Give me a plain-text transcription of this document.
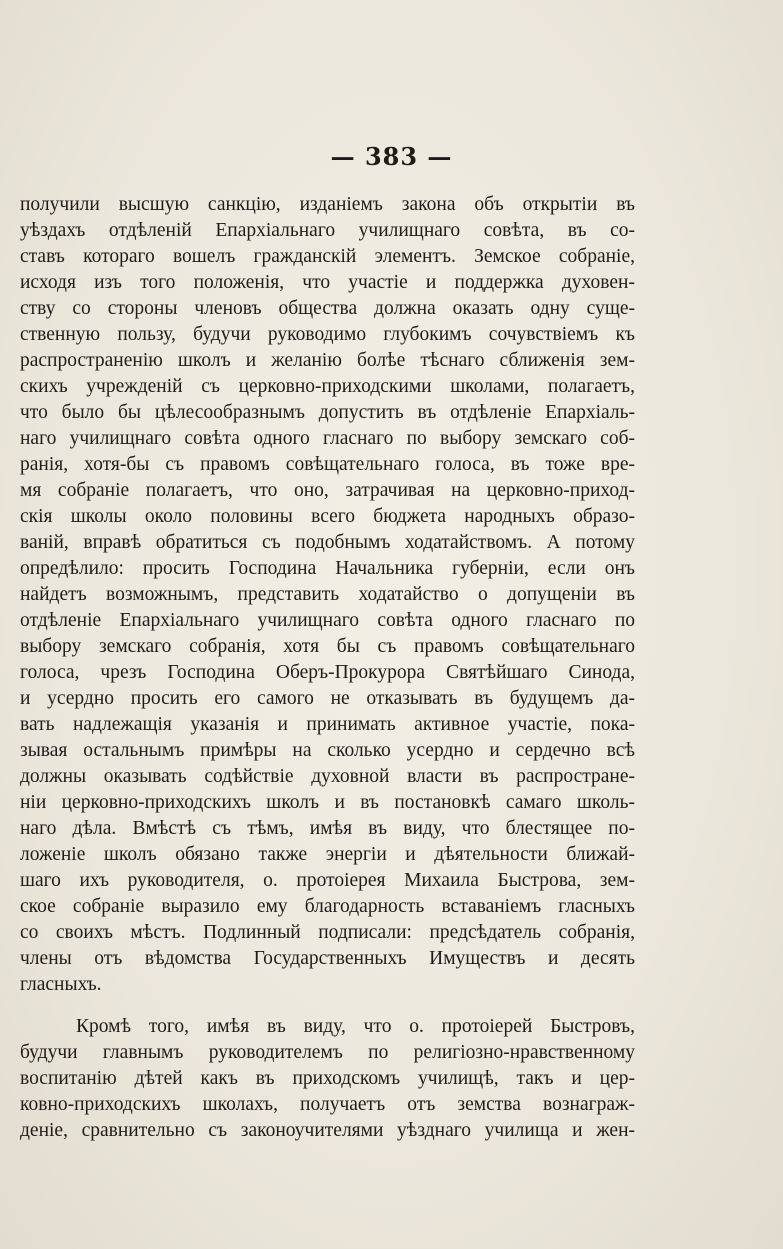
— 383 —
получили высшую санкцію, изданіемъ закона объ открытіи въ
уѣздахъ отдѣленій Епархіальнаго училищнаго совѣта, въ со-
ставъ котораго вошелъ гражданскій элементъ. Земское собраніе,
исходя изъ того положенія, что участіе и поддержка духовен-
ству со стороны членовъ общества должна оказать одну суще-
ственную пользу, будучи руководимо глубокимъ сочувствіемъ къ
распространенію школъ и желанію болѣе тѣснаго сближенія зем-
скихъ учрежденій съ церковно-приходскими школами, полагаетъ,
что было бы цѣлесообразнымъ допустить въ отдѣленіе Епархіаль-
наго училищнаго совѣта одного гласнаго по выбору земскаго соб-
ранія, хотя-бы съ правомъ совѣщательнаго голоса, въ тоже вре-
мя собраніе полагаетъ, что оно, затрачивая на церковно-приход-
скія школы около половины всего бюджета народныхъ образо-
ваній, вправѣ обратиться съ подобнымъ ходатайствомъ. А потому
опредѣлило: просить Господина Начальника губерніи, если онъ
найдетъ возможнымъ, представить ходатайство о допущеніи въ
отдѣленіе Епархіальнаго училищнаго совѣта одного гласнаго по
выбору земскаго собранія, хотя бы съ правомъ совѣщательнаго
голоса, чрезъ Господина Оберъ-Прокурора Святѣйшаго Синода,
и усердно просить его самого не отказывать въ будущемъ да-
вать надлежащія указанія и принимать активное участіе, пока-
зывая остальнымъ примѣры на сколько усердно и сердечно всѣ
должны оказывать содѣйствіе духовной власти въ распростране-
ніи церковно-приходскихъ школъ и въ постановкѣ самаго школь-
наго дѣла. Вмѣстѣ съ тѣмъ, имѣя въ виду, что блестящее по-
ложеніе школъ обязано также энергіи и дѣятельности ближай-
шаго ихъ руководителя, о. протоіерея Михаила Быстрова, зем-
ское собраніе выразило ему благодарность вставаніемъ гласныхъ
со своихъ мѣстъ. Подлинный подписали: предсѣдатель собранія,
члены отъ вѣдомства Государственныхъ Имуществъ и десять
гласныхъ.
Кромѣ того, имѣя въ виду, что о. протоіерей Быстровъ,
будучи главнымъ руководителемъ по религіозно-нравственному
воспитанію дѣтей какъ въ приходскомъ училищѣ, такъ и цер-
ковно-приходскихъ школахъ, получаетъ отъ земства вознаграж-
деніе, сравнительно съ законоучителями уѣзднаго училища и жен-
